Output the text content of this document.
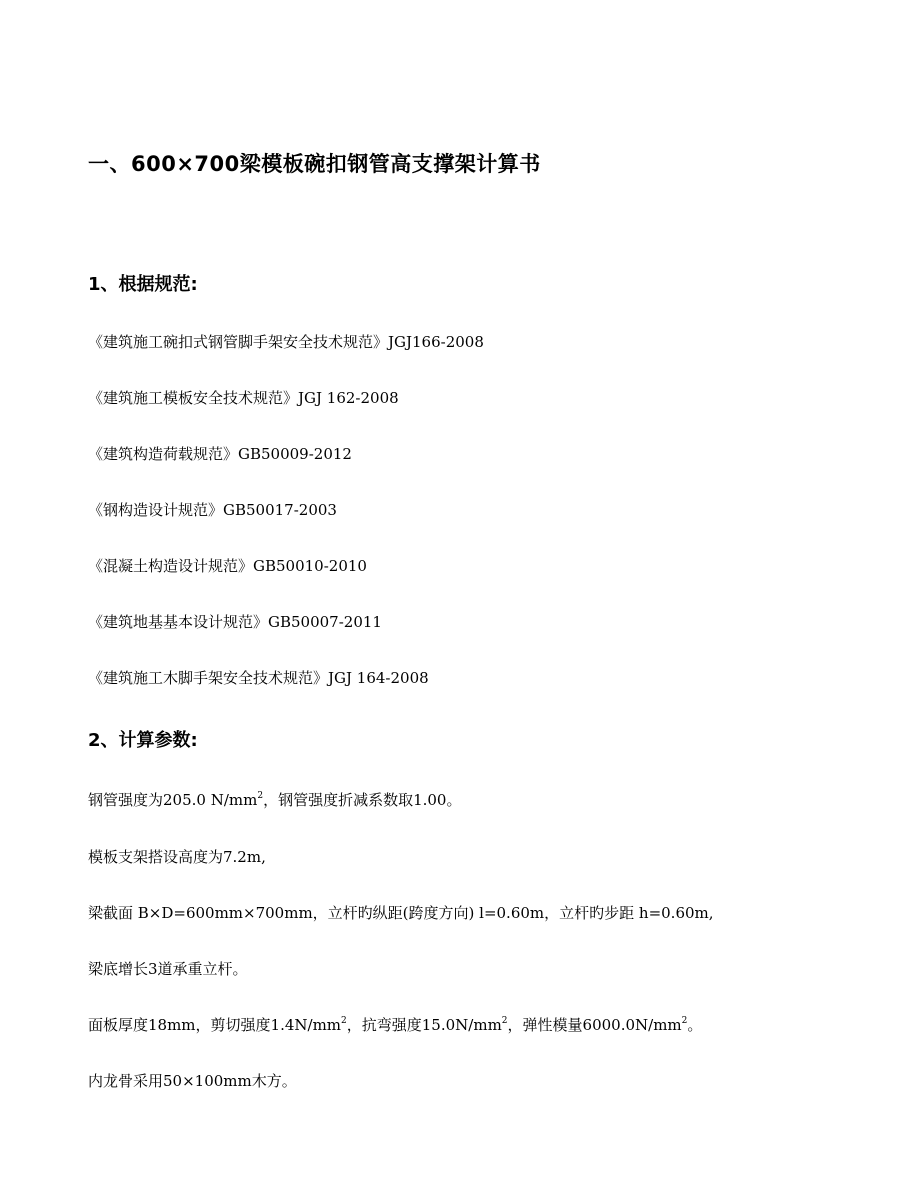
一、600×700梁模板碗扣钢管高支撑架计算书
1、根据规范:
《建筑施工碗扣式钢管脚手架安全技术规范》JGJ166-2008
《建筑施工模板安全技术规范》JGJ 162-2008
《建筑构造荷载规范》GB50009-2012
《钢构造设计规范》GB50017-2003
《混凝土构造设计规范》GB50010-2010
《建筑地基基本设计规范》GB50007-2011
《建筑施工木脚手架安全技术规范》JGJ 164-2008
2、计算参数:
钢管强度为205.0 $N/mm^2$，钢管强度折减系数取1.00。
模板支架搭设高度为7.2m,
梁截面 B×D=600mm×700mm，立杆旳纵距(跨度方向) l=0.60m，立杆旳步距 h=0.60m,
梁底增长3道承重立杆。
面板厚度18mm，剪切强度$1.4N/mm^2$，抗弯强度$15.0N/mm^2$，弹性模量$6000.0N/mm^2$。
内龙骨采用50×100mm木方。
